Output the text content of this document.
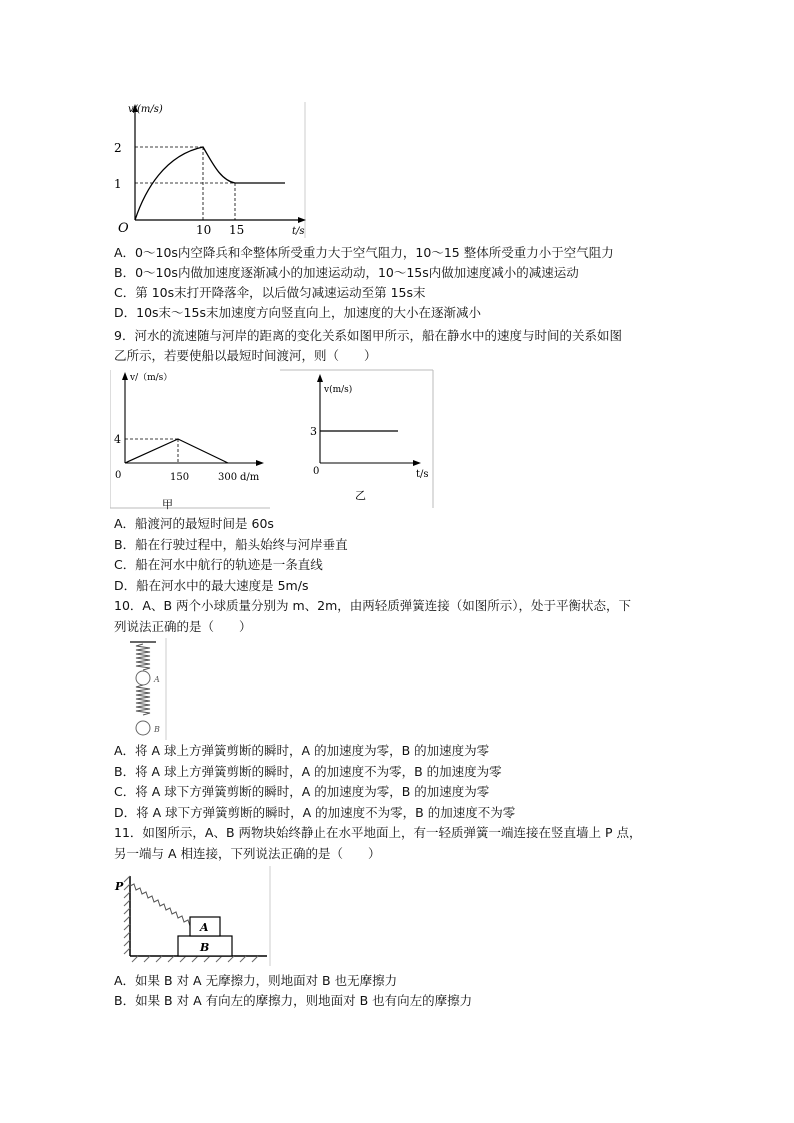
v/(m/s)
t/s
O
2
1
10 15
A．0～10s内空降兵和伞整体所受重力大于空气阻力，10～15 整体所受重力小于空气阻力
B．0～10s内做加速度逐渐减小的加速运动动，10～15s内做加速度减小的减速运动
C．第 10s末打开降落伞，以后做匀减速运动至第 15s末
D．10s末～15s末加速度方向竖直向上，加速度的大小在逐渐减小
9．河水的流速随与河岸的距离的变化关系如图甲所示，船在静水中的速度与时间的关系如图
乙所示，若要使船以最短时间渡河，则（　　）
v/（m/s）
d/m
0
4
150	300
甲
v(m/s)
t/s
0
3
乙
A．船渡河的最短时间是 60s
B．船在行驶过程中，船头始终与河岸垂直
C．船在河水中航行的轨迹是一条直线
D．船在河水中的最大速度是 5m/s
10．A、B 两个小球质量分别为 m、2m，由两轻质弹簧连接（如图所示），处于平衡状态，下
列说法正确的是（　　）
A
B
A．将 A 球上方弹簧剪断的瞬时，A 的加速度为零，B 的加速度为零
B．将 A 球上方弹簧剪断的瞬时，A 的加速度不为零，B 的加速度为零
C．将 A 球下方弹簧剪断的瞬时，A 的加速度为零，B 的加速度为零
D．将 A 球下方弹簧剪断的瞬时，A 的加速度不为零，B 的加速度不为零
11．如图所示，A、B 两物块始终静止在水平地面上，有一轻质弹簧一端连接在竖直墙上 P 点，
另一端与 A 相连接，下列说法正确的是（　　）
P
B
A
A．如果 B 对 A 无摩擦力，则地面对 B 也无摩擦力
B．如果 B 对 A 有向左的摩擦力，则地面对 B 也有向左的摩擦力
